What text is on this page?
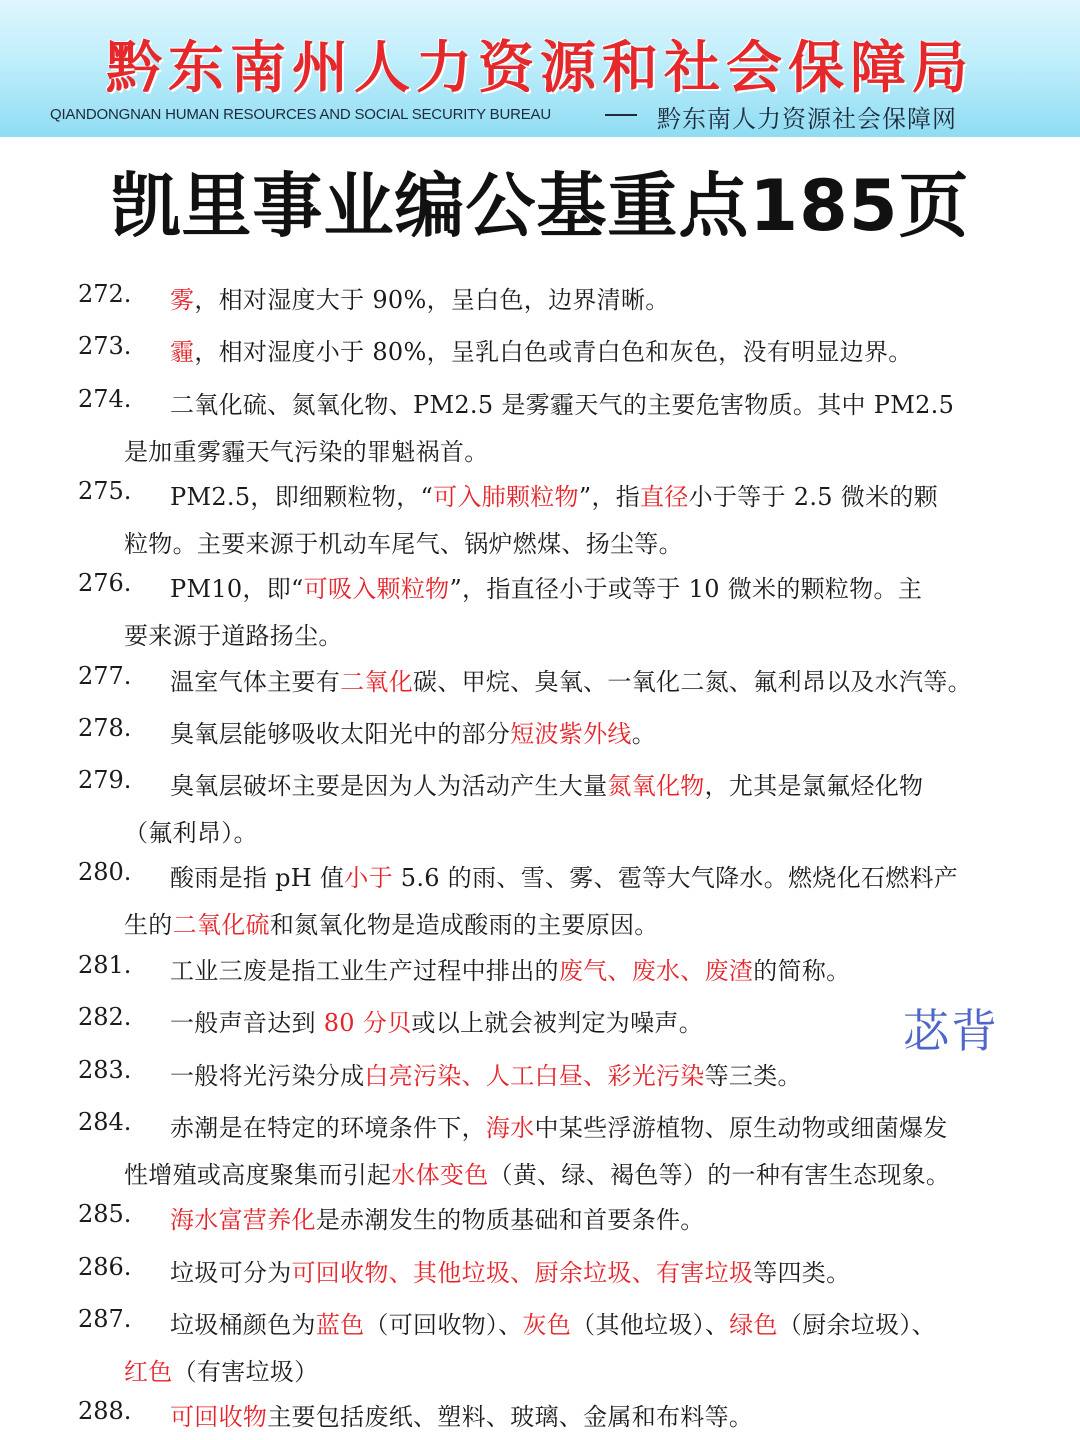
黔东南州人力资源和社会保障局
QIANDONGNAN HUMAN RESOURCES AND SOCIAL SECURITY BUREAU	黔东南人力资源社会保障网
凯里事业编公基重点185页
272. 雾，相对湿度大于 90%，呈白色，边界清晰。
273. 霾，相对湿度小于 80%，呈乳白色或青白色和灰色，没有明显边界。
274. 二氧化硫、氮氧化物、PM2.5 是雾霾天气的主要危害物质。其中 PM2.5
是加重雾霾天气污染的罪魁祸首。
275. PM2.5，即细颗粒物，“可入肺颗粒物”，指直径小于等于 2.5 微米的颗
粒物。主要来源于机动车尾气、锅炉燃煤、扬尘等。
276. PM10，即“可吸入颗粒物”，指直径小于或等于 10 微米的颗粒物。主
要来源于道路扬尘。
277. 温室气体主要有二氧化碳、甲烷、臭氧、一氧化二氮、氟利昂以及水汽等。
278. 臭氧层能够吸收太阳光中的部分短波紫外线。
279. 臭氧层破坏主要是因为人为活动产生大量氮氧化物，尤其是氯氟烃化物
（氟利昂）。
280. 酸雨是指 pH 值小于 5.6 的雨、雪、雾、雹等大气降水。燃烧化石燃料产
生的二氧化硫和氮氧化物是造成酸雨的主要原因。
281. 工业三废是指工业生产过程中排出的废气、废水、废渣的简称。
282. 一般声音达到 80 分贝或以上就会被判定为噪声。
283. 一般将光污染分成白亮污染、人工白昼、彩光污染等三类。
284. 赤潮是在特定的环境条件下，海水中某些浮游植物、原生动物或细菌爆发
性增殖或高度聚集而引起水体变色（黄、绿、褐色等）的一种有害生态现象。
285. 海水富营养化是赤潮发生的物质基础和首要条件。
286. 垃圾可分为可回收物、其他垃圾、厨余垃圾、有害垃圾等四类。
287. 垃圾桶颜色为蓝色（可回收物）、灰色（其他垃圾）、绿色（厨余垃圾）、
红色（有害垃圾）
288. 可回收物主要包括废纸、塑料、玻璃、金属和布料等。
苾背
